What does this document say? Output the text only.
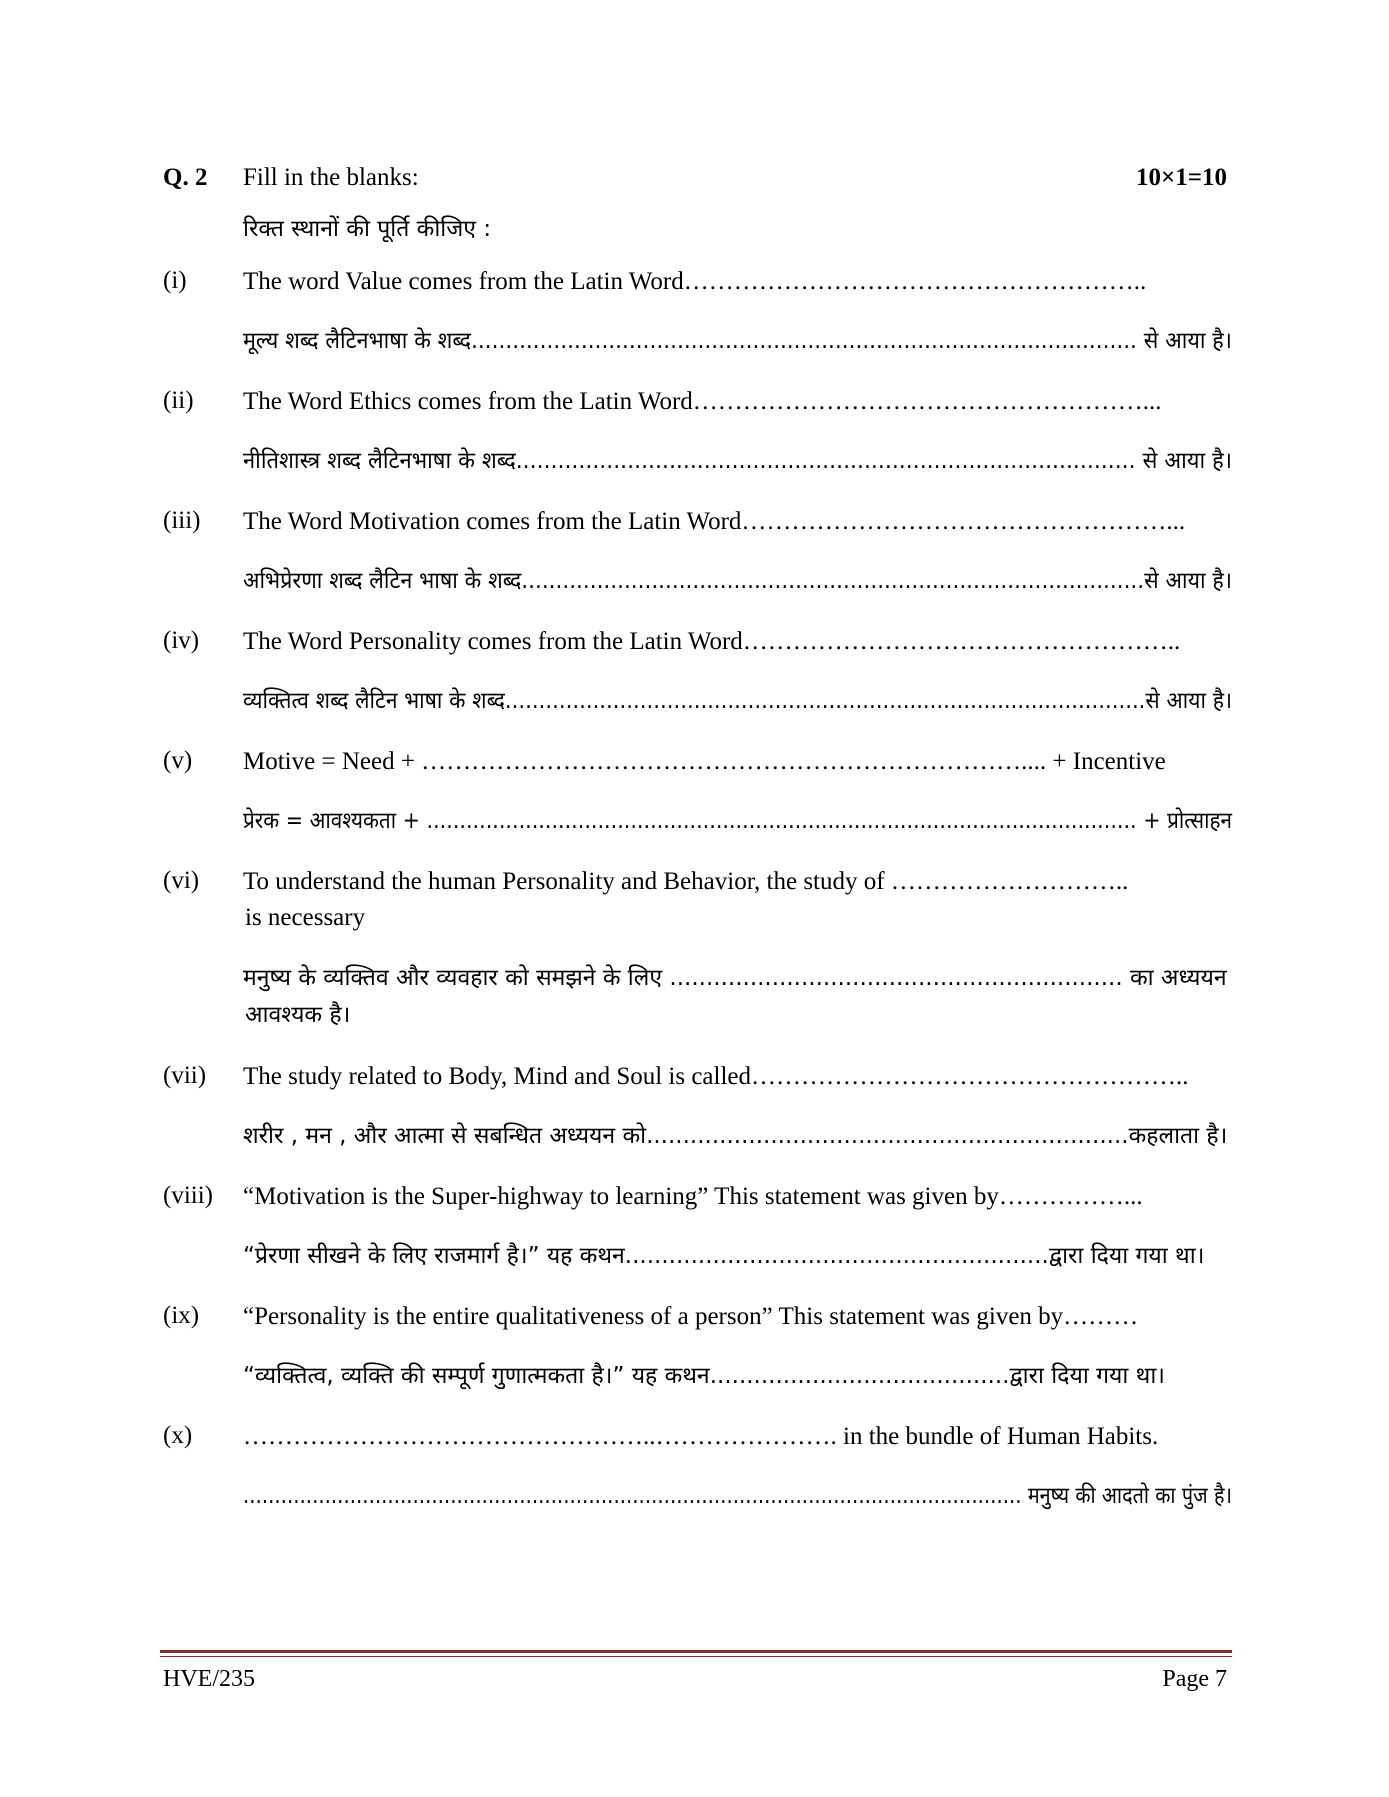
Q. 2 Fill in the blanks:	10×1=10
रिक्त स्थानों की पूर्ति कीजिए :
(i) The word Value comes from the Latin Word………………………………………………..
मूल्य शब्द लैटिनभाषा के शब्द................................................................................................. से आया है।
(ii) The Word Ethics comes from the Latin Word………………………………………………...
नीतिशास्त्र शब्द लैटिनभाषा के शब्द......................................................................................... से आया है।
(iii) The Word Motivation comes from the Latin Word……………………………………………...
अभिप्रेरणा शब्द लैटिन भाषा के शब्द...........................................................................................से आया है।
(iv) The Word Personality comes from the Latin Word……………………………………………..
व्यक्तित्व शब्द लैटिन भाषा के शब्द...............................................................................................से आया है।
(v) Motive = Need + ……………………………………………………………….... + Incentive
प्रेरक = आवश्यकता + ............................................................................................................ + प्रोत्साहन
(vi) To understand the human Personality and Behavior, the study of ………………………..
is necessary
मनुष्य के व्यक्तिव और व्यवहार को समझने के लिए .............................................................. का अध्ययन
आवश्यक है।
(vii) The study related to Body, Mind and Soul is called……………………………………………..
शरीर , मन , और आत्मा से सबन्धित अध्ययन को..................................................................कहलाता है।
(viii) “Motivation is the Super-highway to learning” This statement was given by……………...
“प्रेरणा सीखने के लिए राजमार्ग है।” यह कथन..........................................................द्वारा दिया गया था।
(ix) “Personality is the entire qualitativeness of a person” This statement was given by………
“व्यक्तित्व, व्यक्ति की सम्पूर्ण गुणात्मकता है।” यह कथन.........................................द्वारा दिया गया था।
(x) …………………………………………..…………………. in the bundle of Human Habits.
............................................................................................................................ मनुष्य की आदतो का पुंज है।
HVE/235	Page 7
